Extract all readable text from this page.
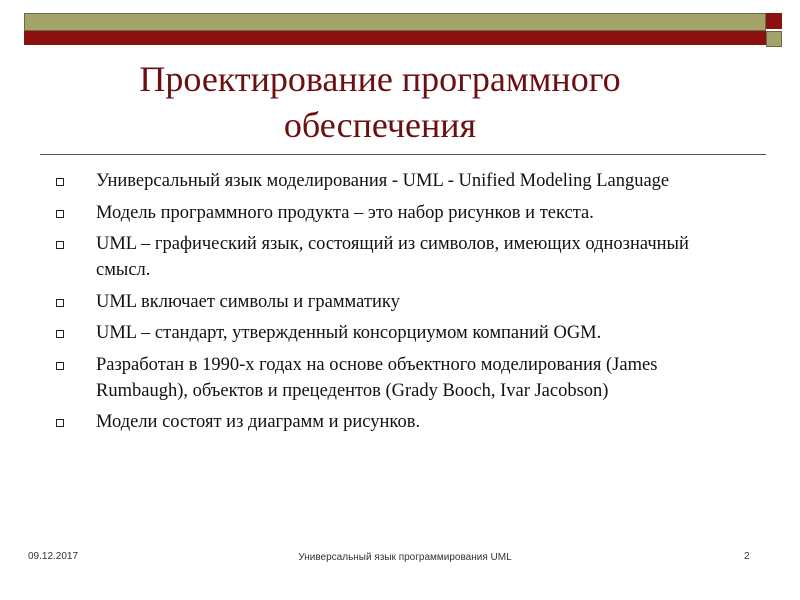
Проектирование программного обеспечения
Универсальный язык моделирования - UML - Unified Modeling Language
Модель программного продукта – это набор рисунков и текста.
UML – графический язык, состоящий из символов, имеющих однозначный смысл.
UML включает символы и грамматику
UML – стандарт, утвержденный консорциумом компаний OGM.
Разработан в 1990-х годах на основе объектного моделирования (James Rumbaugh), объектов и прецедентов (Grady Booch, Ivar Jacobson)
Модели состоят из диаграмм и рисунков.
09.12.2017	Универсальный язык программирования UML	2
